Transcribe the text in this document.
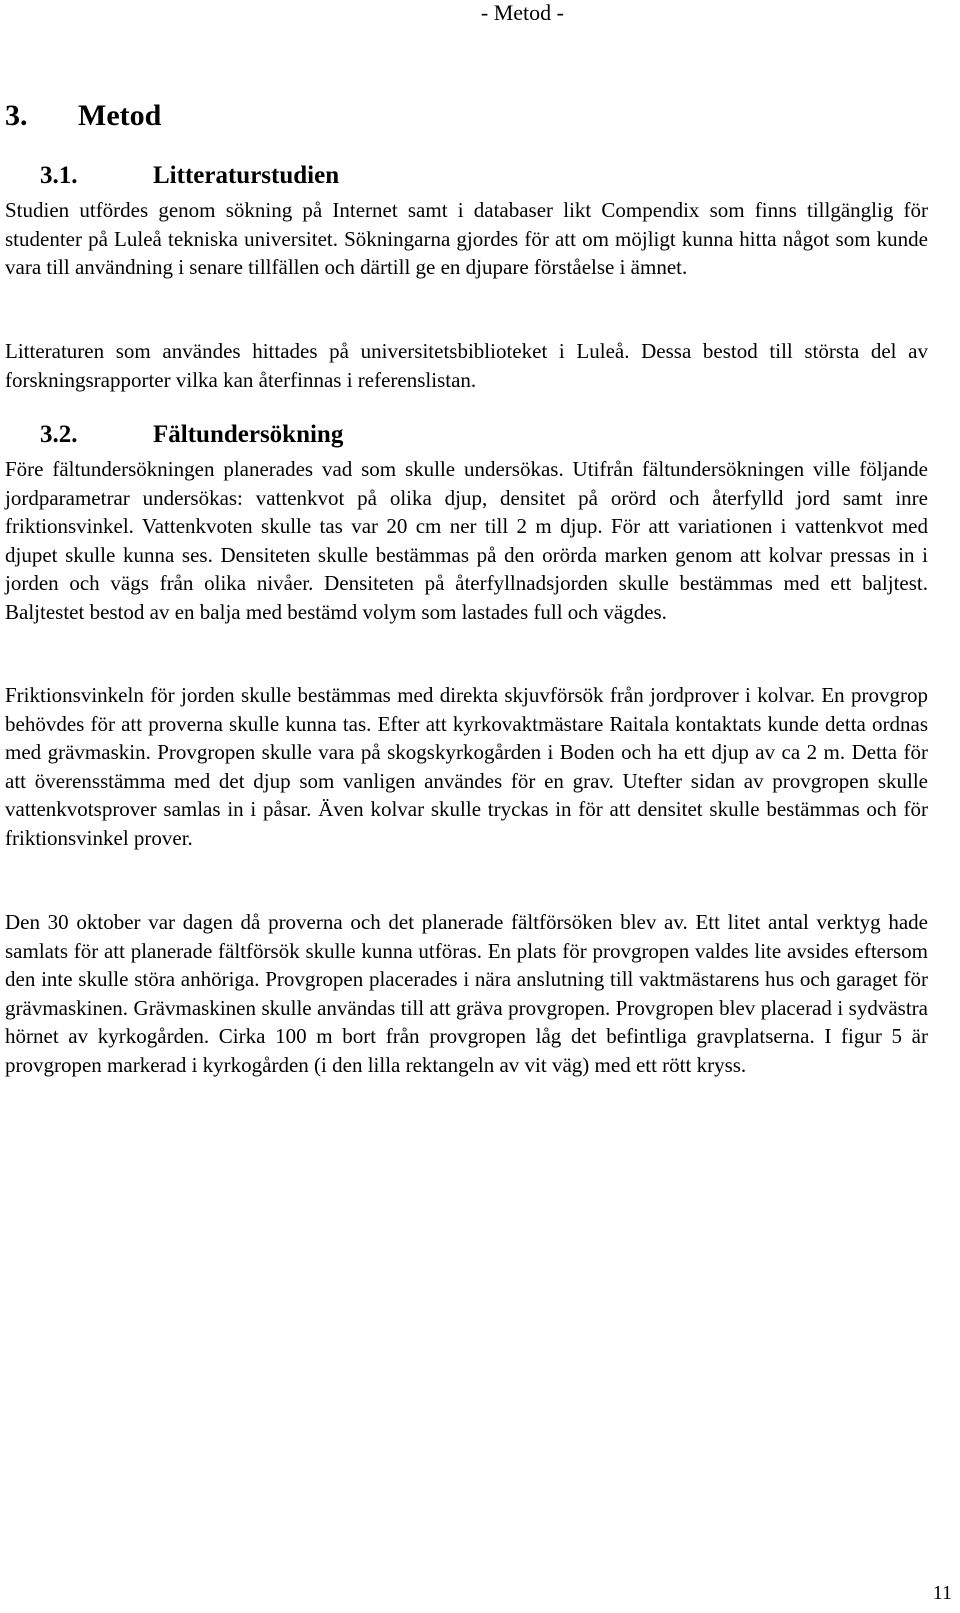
- Metod -
3. Metod
3.1.	Litteraturstudien

Studien utfördes genom sökning på Internet samt i databaser likt Compendix som finns tillgänglig för studenter på Luleå tekniska universitet. Sökningarna gjordes för att om möjligt kunna hitta något som kunde vara till användning i senare tillfällen och därtill ge en djupare förståelse i ämnet.

Litteraturen som användes hittades på universitetsbiblioteket i Luleå. Dessa bestod till största del av forskningsrapporter vilka kan återfinnas i referenslistan.

3.2.	Fältundersökning

Före fältundersökningen planerades vad som skulle undersökas. Utifrån fältundersökningen ville följande jordparametrar undersökas: vattenkvot på olika djup, densitet på orörd och återfylld jord samt inre friktionsvinkel. Vattenkvoten skulle tas var 20 cm ner till 2 m djup. För att variationen i vattenkvot med djupet skulle kunna ses. Densiteten skulle bestämmas på den orörda marken genom att kolvar pressas in i jorden och vägs från olika nivåer. Densiteten på återfyllnadsjorden skulle bestämmas med ett baljtest. Baljtestet bestod av en balja med bestämd volym som lastades full och vägdes.

Friktionsvinkeln för jorden skulle bestämmas med direkta skjuvförsök från jordprover i kolvar. En provgrop behövdes för att proverna skulle kunna tas. Efter att kyrkovaktmästare Raitala kontaktats kunde detta ordnas med grävmaskin. Provgropen skulle vara på skogskyrkogården i Boden och ha ett djup av ca 2 m. Detta för att överensstämma med det djup som vanligen användes för en grav. Utefter sidan av provgropen skulle vattenkvotsprover samlas in i påsar. Även kolvar skulle tryckas in för att densitet skulle bestämmas och för friktionsvinkel prover.

Den 30 oktober var dagen då proverna och det planerade fältförsöken blev av. Ett litet antal verktyg hade samlats för att planerade fältförsök skulle kunna utföras. En plats för provgropen valdes lite avsides eftersom den inte skulle störa anhöriga. Provgropen placerades i nära anslutning till vaktmästarens hus och garaget för grävmaskinen. Grävmaskinen skulle användas till att gräva provgropen. Provgropen blev placerad i sydvästra hörnet av kyrkogården. Cirka 100 m bort från provgropen låg det befintliga gravplatserna. I figur 5 är provgropen markerad i kyrkogården (i den lilla rektangeln av vit väg) med ett rött kryss.

11
